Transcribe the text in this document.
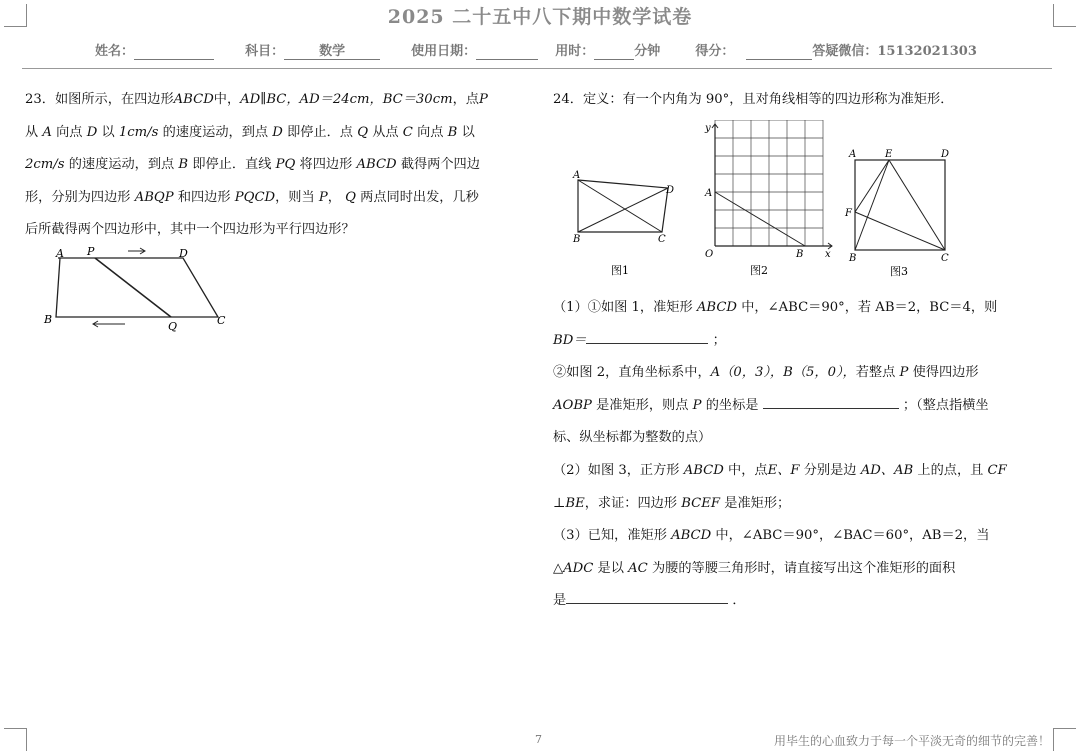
2025 二十五中八下期中数学试卷
姓名：	科目：	数学	使用日期：	用时：	分钟	得分：	答疑微信：15132021303
23．如图所示，在四边形ABCD中，AD∥BC，AD＝24cm，BC＝30cm，点P
从 A 向点 D 以 1cm/s 的速度运动，到点 D 即停止．点 Q 从点 C 向点 B 以
2cm/s 的速度运动，到点 B 即停止．直线 PQ 将四边形 ABCD 截得两个四边
形，分别为四边形 ABQP 和四边形 PQCD，则当 P， Q 两点同时出发，几秒
后所截得两个四边形中，其中一个四边形为平行四边形？
A P	D
B
Q	C
24．定义：有一个内角为 90°，且对角线相等的四边形称为准矩形．
A
D
B	C
图1
y
A
O	B x
图2
A	E	D
F
B	C
图3
（1）①如图 1，准矩形 ABCD 中，∠ABC＝90°，若 AB＝2，BC＝4，则
BD＝	；
②如图 2，直角坐标系中，A（0，3），B（5，0），若整点 P 使得四边形
AOBP 是准矩形，则点 P 的坐标是	；（整点指横坐
标、纵坐标都为整数的点）
（2）如图 3，正方形 ABCD 中，点E、F 分别是边 AD、AB 上的点，且 CF
⊥BE，求证：四边形 BCEF 是准矩形；
（3）已知，准矩形 ABCD 中，∠ABC＝90°，∠BAC＝60°，AB＝2，当
△ADC 是以 AC 为腰的等腰三角形时，请直接写出这个准矩形的面积
是	．
7	用毕生的心血致力于每一个平淡无奇的细节的完善！
